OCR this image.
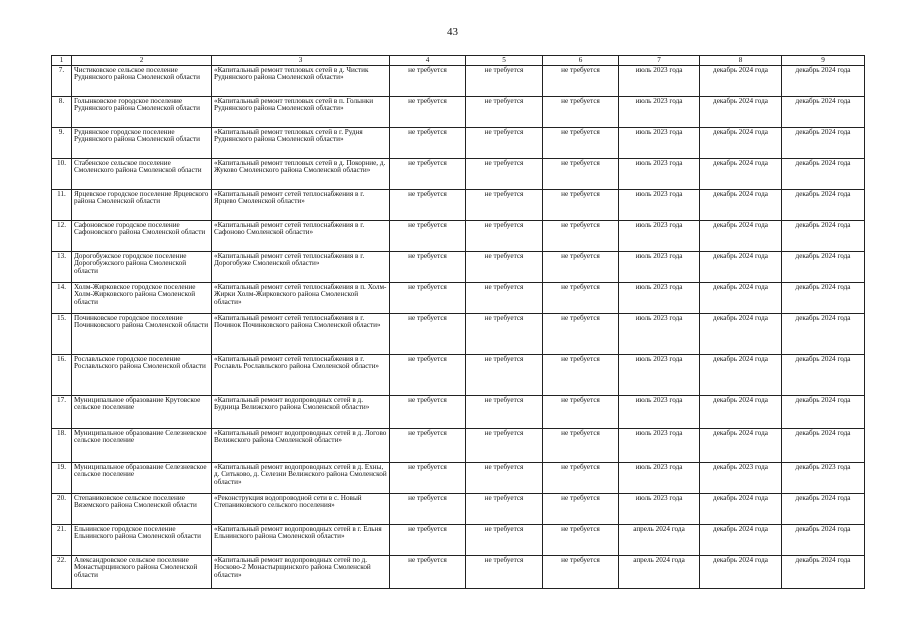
43
1	2	3	4	5	6	7	8	9
7.	Чистиковское сельское поселение Руднянского района Смоленской области	«Капитальный ремонт тепловых сетей в д. Чистик Руднянского района Смоленской области»	не требуется	не требуется	не требуется	июль 2023 года	декабрь 2024 года	декабрь 2024 года
8.	Голынковское городское поселение Руднянского района Смоленской области	«Капитальный ремонт тепловых сетей в п. Голынки Руднянского района Смоленской области»	не требуется	не требуется	не требуется	июль 2023 года	декабрь 2024 года	декабрь 2024 года
9.	Руднянское городское поселение Руднянского района Смоленской области	«Капитальный ремонт тепловых сетей в г. Рудня Руднянского района Смоленской области»	не требуется	не требуется	не требуется	июль 2023 года	декабрь 2024 года	декабрь 2024 года
10.	Стабенское сельское поселение Смоленского района Смоленской области	«Капитальный ремонт тепловых сетей в д. Покорние, д. Жуково Смоленского района Смоленской области»	не требуется	не требуется	не требуется	июль 2023 года	декабрь 2024 года	декабрь 2024 года
11.	Ярцевское городское поселение Ярцевского района Смоленской области	«Капитальный ремонт сетей теплоснабжения в г. Ярцево Смоленской области»	не требуется	не требуется	не требуется	июль 2023 года	декабрь 2024 года	декабрь 2024 года
12.	Сафоновское городское поселение Сафоновского района Смоленской области	«Капитальный ремонт сетей теплоснабжения в г. Сафоново Смоленской области»	не требуется	не требуется	не требуется	июль 2023 года	декабрь 2024 года	декабрь 2024 года
13.	Дорогобужское городское поселение Дорогобужского района Смоленской области	«Капитальный ремонт сетей теплоснабжения в г. Дорогобуже Смоленской области»	не требуется	не требуется	не требуется	июль 2023 года	декабрь 2024 года	декабрь 2024 года
14.	Холм-Жирковское городское поселение Холм-Жирковского района Смоленской области	«Капитальный ремонт сетей теплоснабжения в п. Холм-Жирки Холм-Жирковского района Смоленской области»	не требуется	не требуется	не требуется	июль 2023 года	декабрь 2024 года	декабрь 2024 года
15.	Починковское городское поселение Починковского района Смоленской области	«Капитальный ремонт сетей теплоснабжения в г. Починок Починковского района Смоленской области»	не требуется	не требуется	не требуется	июль 2023 года	декабрь 2024 года	декабрь 2024 года
16.	Рославльское городское поселение Рославльского района Смоленской области	«Капитальный ремонт сетей теплоснабжения в г. Рославль Рославльского района Смоленской области»	не требуется	не требуется	не требуется	июль 2023 года	декабрь 2024 года	декабрь 2024 года
17.	Муниципальное образование Крутовское сельское поселение	«Капитальный ремонт водопроводных сетей в д. Будница Велижского района Смоленской области»	не требуется	не требуется	не требуется	июль 2023 года	декабрь 2024 года	декабрь 2024 года
18.	Муниципальное образование Селезневское сельское поселение	«Капитальный ремонт водопроводных сетей в д. Логово Велижского района Смоленской области»	не требуется	не требуется	не требуется	июль 2023 года	декабрь 2024 года	декабрь 2024 года
19.	Муниципальное образование Селезневское сельское поселение	«Капитальный ремонт водопроводных сетей в д. Ехны, д. Ситьково, д. Селезни Велижского района Смоленской области»	не требуется	не требуется	не требуется	июль 2023 года	декабрь 2023 года	декабрь 2023 года
20.	Степаниковское сельское поселение Вяземского района Смоленской области	«Реконструкция водопроводной сети в с. Новый Степаниковского сельского поселения»	не требуется	не требуется	не требуется	июль 2023 года	декабрь 2024 года	декабрь 2024 года
21.	Ельнинское городское поселение Ельнинского района Смоленской области	«Капитальный ремонт водопроводных сетей в г. Ельня Ельнинского района Смоленской области»	не требуется	не требуется	не требуется	апрель 2024 года	декабрь 2024 года	декабрь 2024 года
22.	Александровское сельское поселение Монастырщинского района Смоленской области	«Капитальный ремонт водопроводных сетей по д. Носково-2 Монастырщинского района Смоленской области»	не требуется	не требуется	не требуется	апрель 2024 года	декабрь 2024 года	декабрь 2024 года
